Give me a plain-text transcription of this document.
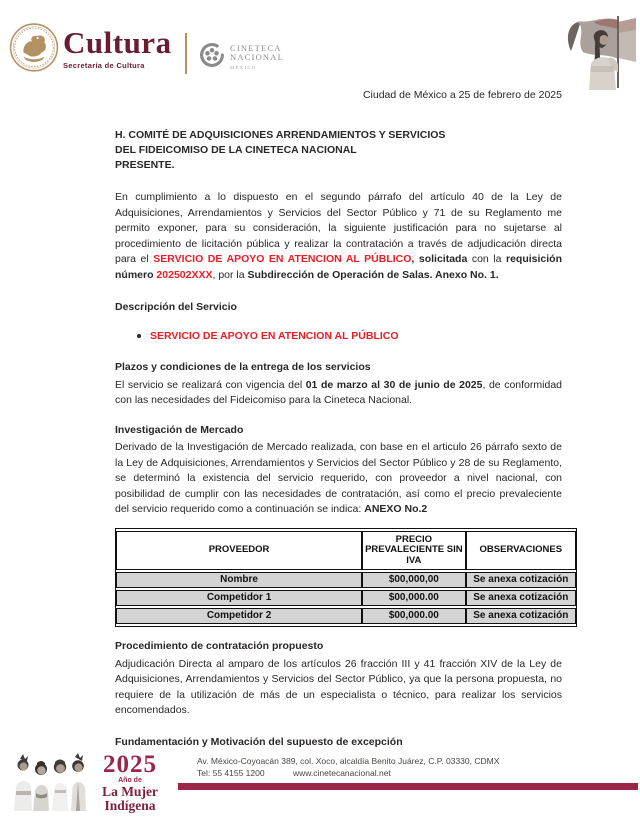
Cultura
Secretaría de Cultura
CINETECA
NACIONAL
MÉXICO
Ciudad de México a 25 de febrero de 2025
H. COMITÉ DE ADQUISICIONES ARRENDAMIENTOS Y SERVICIOS
DEL FIDEICOMISO DE LA CINETECA NACIONAL
PRESENTE.

En cumplimiento a lo dispuesto en el segundo párrafo del artículo 40 de la Ley de Adquisiciones, Arrendamientos y Servicios del Sector Público y 71 de su Reglamento me permito exponer, para su consideración, la siguiente justificación para no sujetarse al procedimiento de licitación pública y realizar la contratación a través de adjudicación directa para el SERVICIO DE APOYO EN ATENCION AL PÚBLICO, solicitada con la requisición número 202502XXX, por la Subdirección de Operación de Salas. Anexo No. 1.

Descripción del Servicio
SERVICIO DE APOYO EN ATENCION AL PÚBLICO
Plazos y condiciones de la entrega de los servicios

El servicio se realizará con vigencia del 01 de marzo al 30 de junio de 2025, de conformidad con las necesidades del Fideicomiso para la Cineteca Nacional.

Investigación de Mercado

Derivado de la Investigación de Mercado realizada, con base en el articulo 26 párrafo sexto de la Ley de Adquisiciones, Arrendamientos y Servicios del Sector Público y 28 de su Reglamento, se determinó la existencia del servicio requerido, con proveedor a nivel nacional, con posibilidad de cumplir con las necesidades de contratación, así como el precio prevaleciente del servicio requerido como a continuación se indica: ANEXO No.2

PROVEEDOR	PRECIO PREVALECIENTE SIN IVA	OBSERVACIONES
Nombre	$00,000,00	Se anexa cotización
Competidor 1	$00,000.00	Se anexa cotización
Competidor 2	$00,000.00	Se anexa cotización
Procedimiento de contratación propuesto

Adjudicación Directa al amparo de los artículos 26 fracción III y 41 fracción XIV de la Ley de Adquisiciones, Arrendamientos y Servicios del Sector Público, ya que la persona propuesta, no requiere de la utilización de más de un especialista o técnico, para realizar los servicios encomendados.

Fundamentación y Motivación del supuesto de excepción
2025
Año de
La Mujer
Indígena
Av. México-Coyoacán 389, col. Xoco, alcaldía Benito Juárez, C.P. 03330, CDMX
Tel: 55 4155 1200	www.cinetecanacional.net
